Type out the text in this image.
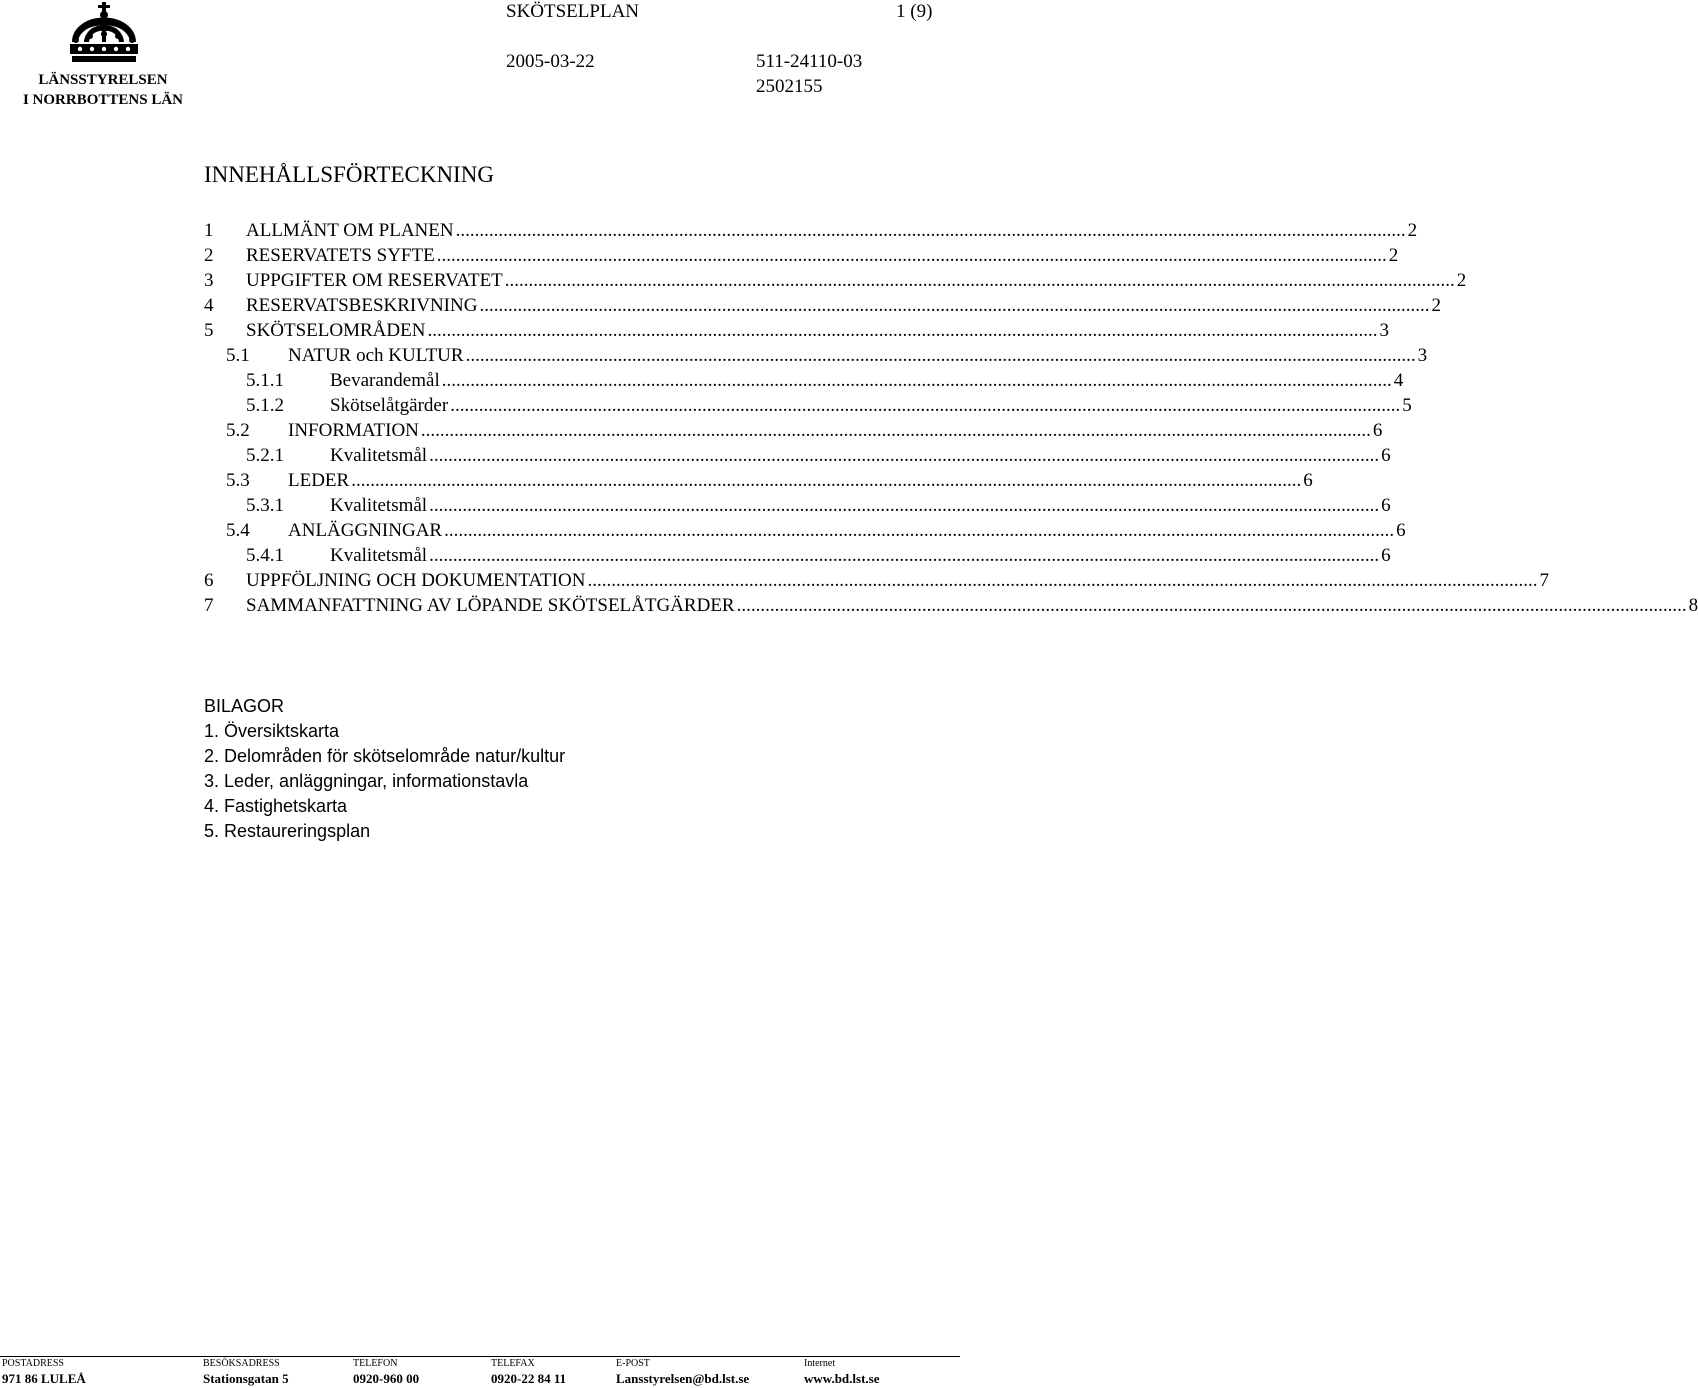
LÄNSSTYRELSEN
I NORRBOTTENS LÄN
SKÖTSELPLAN	1 (9)
2005-03-22	511-24110-03
2502155
INNEHÅLLSFÖRTECKNING
1	ALLMÄNT OM PLANEN ........................................................................................................................................................................................................ 2
2	RESERVATETS SYFTE ........................................................................................................................................................................................................ 2
3	UPPGIFTER OM RESERVATET ........................................................................................................................................................................................................ 2
4	RESERVATSBESKRIVNING ........................................................................................................................................................................................................ 2
5	SKÖTSELOMRÅDEN ........................................................................................................................................................................................................ 3
5.1	NATUR och KULTUR ........................................................................................................................................................................................................ 3
5.1.1	Bevarandemål ........................................................................................................................................................................................................ 4
5.1.2	Skötselåtgärder ........................................................................................................................................................................................................ 5
5.2	INFORMATION ........................................................................................................................................................................................................ 6
5.2.1	Kvalitetsmål ........................................................................................................................................................................................................ 6
5.3	LEDER ........................................................................................................................................................................................................ 6
5.3.1	Kvalitetsmål ........................................................................................................................................................................................................ 6
5.4	ANLÄGGNINGAR ........................................................................................................................................................................................................ 6
5.4.1	Kvalitetsmål ........................................................................................................................................................................................................ 6
6	UPPFÖLJNING OCH DOKUMENTATION ........................................................................................................................................................................................................ 7
7	SAMMANFATTNING AV LÖPANDE SKÖTSELÅTGÄRDER ........................................................................................................................................................................................................ 8
BILAGOR
1. Översiktskarta
2. Delområden för skötselområde natur/kultur
3. Leder, anläggningar, informationstavla
4. Fastighetskarta
5. Restaureringsplan
POSTADRESS
971 86 LULEÅ
BESÖKSADRESS
Stationsgatan 5
TELEFON
0920-960 00
TELEFAX
0920-22 84 11
E-POST
Lansstyrelsen@bd.lst.se
Internet
www.bd.lst.se
